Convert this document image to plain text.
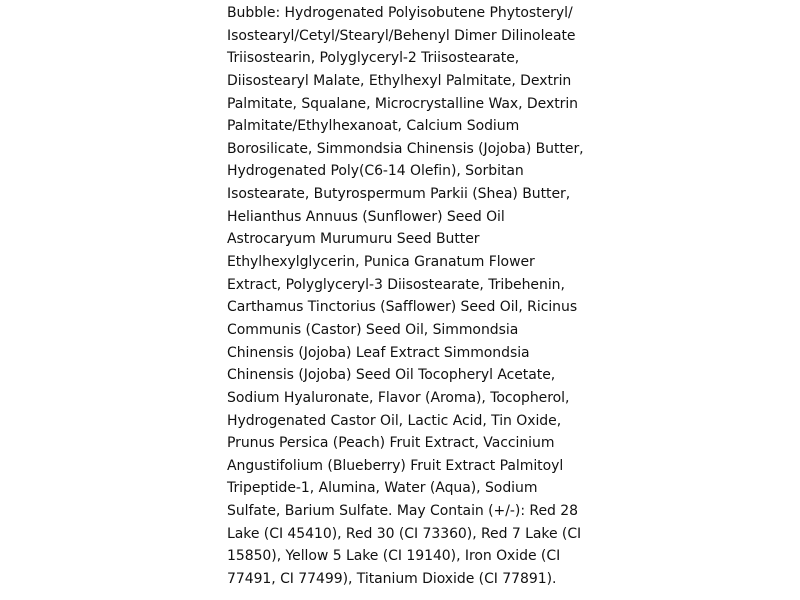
Bubble: Hydrogenated Polyisobutene Phytosteryl/
Isostearyl/Cetyl/Stearyl/Behenyl Dimer Dilinoleate
Triisostearin, Polyglyceryl-2 Triisostearate,
Diisostearyl Malate, Ethylhexyl Palmitate, Dextrin
Palmitate, Squalane, Microcrystalline Wax, Dextrin
Palmitate/Ethylhexanoat, Calcium Sodium
Borosilicate, Simmondsia Chinensis (Jojoba) Butter,
Hydrogenated Poly(C6-14 Olefin), Sorbitan
Isostearate, Butyrospermum Parkii (Shea) Butter,
Helianthus Annuus (Sunflower) Seed Oil
Astrocaryum Murumuru Seed Butter
Ethylhexylglycerin, Punica Granatum Flower
Extract, Polyglyceryl-3 Diisostearate, Tribehenin,
Carthamus Tinctorius (Safflower) Seed Oil, Ricinus
Communis (Castor) Seed Oil, Simmondsia
Chinensis (Jojoba) Leaf Extract Simmondsia
Chinensis (Jojoba) Seed Oil Tocopheryl Acetate,
Sodium Hyaluronate, Flavor (Aroma), Tocopherol,
Hydrogenated Castor Oil, Lactic Acid, Tin Oxide,
Prunus Persica (Peach) Fruit Extract, Vaccinium
Angustifolium (Blueberry) Fruit Extract Palmitoyl
Tripeptide-1, Alumina, Water (Aqua), Sodium
Sulfate, Barium Sulfate. May Contain (+/-): Red 28
Lake (CI 45410), Red 30 (CI 73360), Red 7 Lake (CI
15850), Yellow 5 Lake (CI 19140), Iron Oxide (CI
77491, CI 77499), Titanium Dioxide (CI 77891).
